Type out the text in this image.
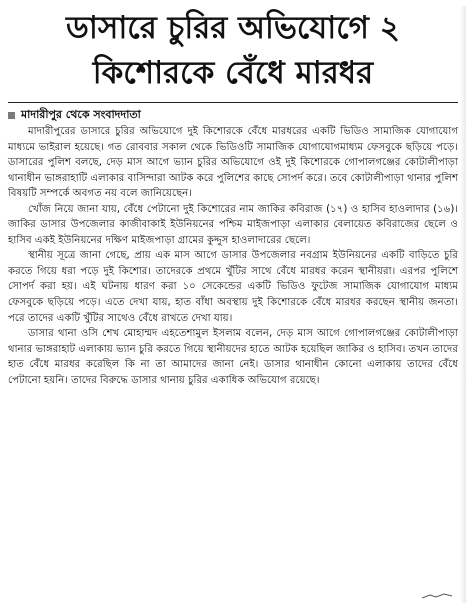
ডাসারে চুরির অভিযোগে ২
কিশোরকে বেঁধে মারধর
মাদারীপুর থেকে সংবাদদাতা

মাদারীপুরের ডাসারে চুরির অভিযোগে দুই কিশোরকে বেঁধে মারধরের একটি ভিডিও সামাজিক যোগাযোগ মাধ্যমে ভাইরাল হয়েছে। গত রোববার সকাল থেকে ভিডিওটি সামাজিক যোগাযোগমাধ্যম ফেসবুকে ছড়িয়ে পড়ে। ডাসারের পুলিশ বলছে, দেড় মাস আগে ভ্যান চুরির অভিযোগে ওই দুই কিশোরকে গোপালগঞ্জের কোটালীপাড়া থানাধীন ভাঙ্গরাহাটি এলাকার বাসিন্দারা আটক করে পুলিশের কাছে সোপর্দ করে। তবে কোটালীপাড়া থানার পুলিশ বিষয়টি সম্পর্কে অবগত নয় বলে জানিয়েছেন।

খোঁজ নিয়ে জানা যায়, বেঁধে পেটানো দুই কিশোরের নাম জাকির কবিরাজ (১৭) ও হাসিব হাওলাদার (১৬)। জাকির ডাসার উপজেলার কাজীবাকাই ইউনিয়নের পশ্চিম মাইজপাড়া এলাকার বেলায়েত কবিরাজের ছেলে ও হাসিব একই ইউনিয়নের দক্ষিণ মাইজপাড়া গ্রামের কুদ্দুস হাওলাদারের ছেলে।

স্থানীয় সূত্রে জানা গেছে, প্রায় এক মাস আগে ডাসার উপজেলার নবগ্রাম ইউনিয়নের একটি বাড়িতে চুরি করতে গিয়ে ধরা পড়ে দুই কিশোর। তাদেরকে প্রথমে খুঁটির সাথে বেঁধে মারধর করেন স্থানীয়রা। এরপর পুলিশে সোপর্দ করা হয়। এই ঘটনায় ধারণ করা ১০ সেকেন্ডের একটি ভিডিও ফুটেজ সামাজিক যোগাযোগ মাধ্যম ফেসবুকে ছড়িয়ে পড়ে। এতে দেখা যায়, হাত বাঁধা অবস্থায় দুই কিশোরকে বেঁধে মারধর করছেন স্থানীয় জনতা। পরে তাদের একটি খুঁটির সাথেও বেঁধে রাখতে দেখা যায়।

ডাসার থানা ওসি শেখ মোহাম্মদ এহতেশামুল ইসলাম বলেন, দেড় মাস আগে গোপালগঞ্জের কোটালীপাড়া থানার ভাঙ্গরাহাট এলাকায় ভ্যান চুরি করতে গিয়ে স্থানীয়দের হাতে আটক হয়েছিল জাকির ও হাসিব। তখন তাদের হাত বেঁধে মারধর করেছিল কি না তা আমাদের জানা নেই। ডাসার থানাধীন কোনো এলাকায় তাদের বেঁধে পেটানো হয়নি। তাদের বিরুদ্ধে ডাসার থানায় চুরির একাধিক অভিযোগ রয়েছে।
